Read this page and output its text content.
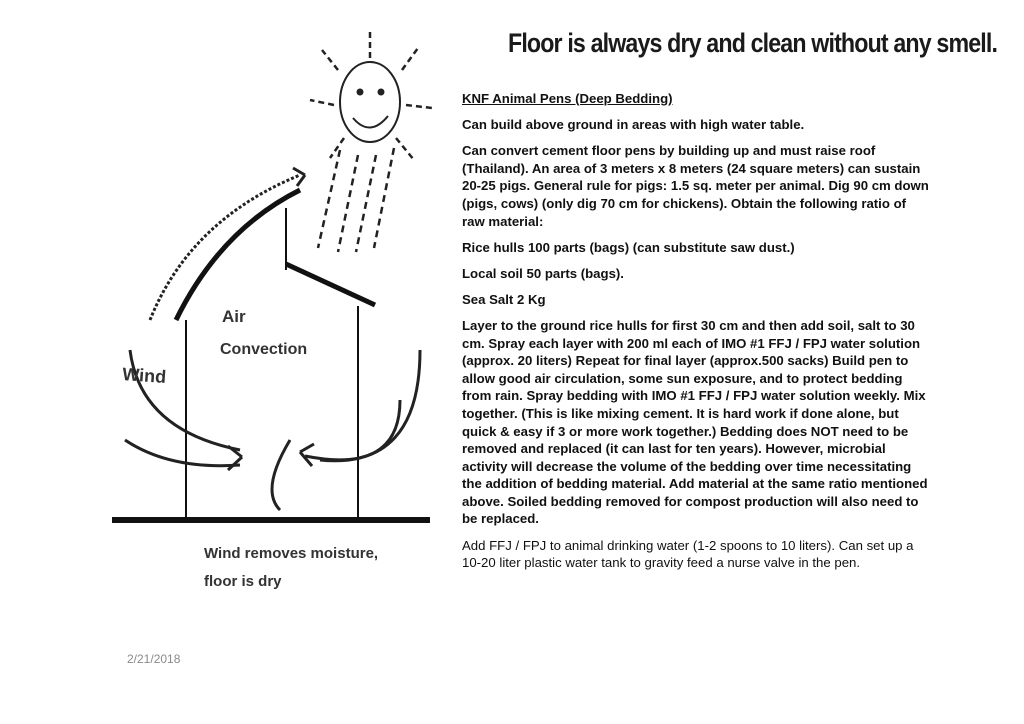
Wind
Air
Convection
Wind removes moisture,
floor is dry
Floor is always dry and clean without any smell.

KNF Animal Pens (Deep Bedding)

Can build above ground in areas with high water table.

Can convert cement floor pens by building up and must raise roof (Thailand). An area of 3 meters x 8 meters (24 square meters) can sustain 20-25 pigs. General rule for pigs: 1.5 sq. meter per animal. Dig 90 cm down (pigs, cows) (only dig 70 cm for chickens). Obtain the following ratio of raw material:

Rice hulls 100 parts (bags) (can substitute saw dust.)

Local soil 50 parts (bags).

Sea Salt 2 Kg

Layer to the ground rice hulls for first 30 cm and then add soil, salt to 30 cm. Spray each layer with 200 ml each of IMO #1 FFJ / FPJ water solution (approx. 20 liters) Repeat for final layer (approx.500 sacks) Build pen to allow good air circulation, some sun exposure, and to protect bedding from rain. Spray bedding with IMO #1 FFJ / FPJ water solution weekly. Mix together. (This is like mixing cement. It is hard work if done alone, but quick & easy if 3 or more work together.) Bedding does NOT need to be removed and replaced (it can last for ten years). However, microbial activity will decrease the volume of the bedding over time necessitating the addition of bedding material. Add material at the same ratio mentioned above. Soiled bedding removed for compost production will also need to be replaced.

Add FFJ / FPJ to animal drinking water (1-2 spoons to 10 liters). Can set up a 10-20 liter plastic water tank to gravity feed a nurse valve in the pen.

2/21/2018
